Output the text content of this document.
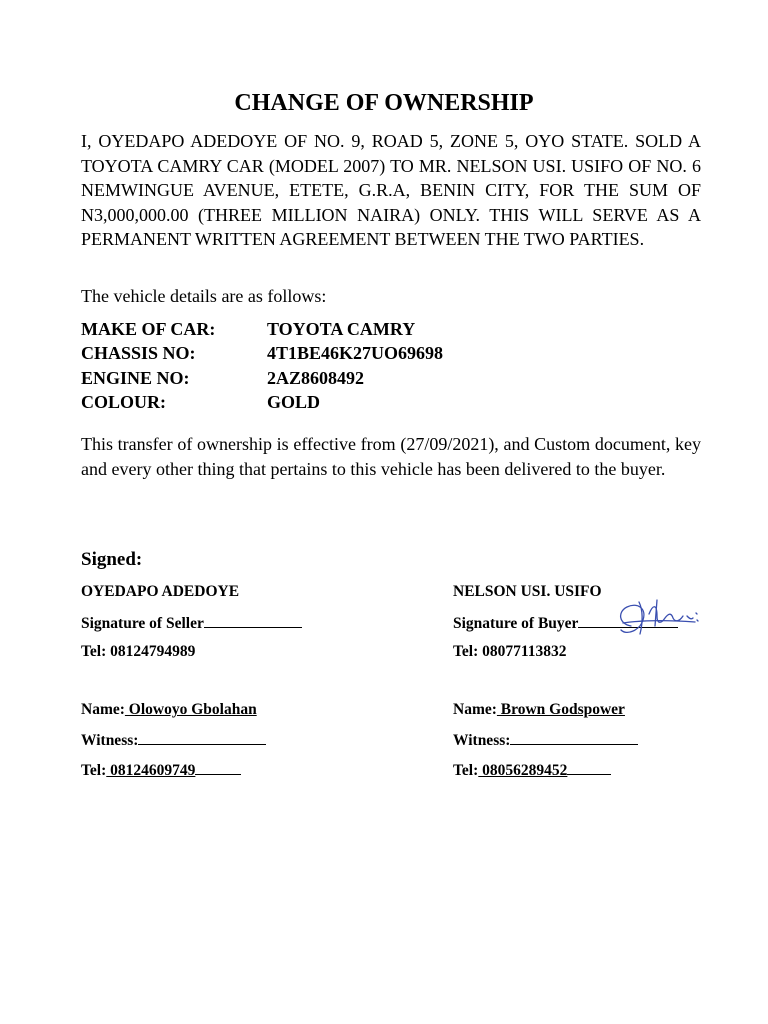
CHANGE OF OWNERSHIP
I, OYEDAPO ADEDOYE OF NO. 9, ROAD 5, ZONE 5, OYO STATE. SOLD A TOYOTA CAMRY CAR (MODEL 2007) TO MR. NELSON USI. USIFO OF NO. 6 NEMWINGUE AVENUE, ETETE, G.R.A, BENIN CITY, FOR THE SUM OF N3,000,000.00 (THREE MILLION NAIRA) ONLY. THIS WILL SERVE AS A PERMANENT WRITTEN AGREEMENT BETWEEN THE TWO PARTIES.
The vehicle details are as follows:
MAKE OF CAR:	TOYOTA CAMRY
CHASSIS NO:	4T1BE46K27UO69698
ENGINE NO:	2AZ8608492
COLOUR:	GOLD
This transfer of ownership is effective from (27/09/2021), and Custom document, key and every other thing that pertains to this vehicle has been delivered to the buyer.
Signed:
OYEDAPO ADEDOYE
Signature of Seller
Tel: 08124794989
Name: Olowoyo Gbolahan
Witness:
Tel: 08124609749
NELSON USI. USIFO
Signature of Buyer
Tel: 08077113832
Name: Brown Godspower
Witness:
Tel: 08056289452
